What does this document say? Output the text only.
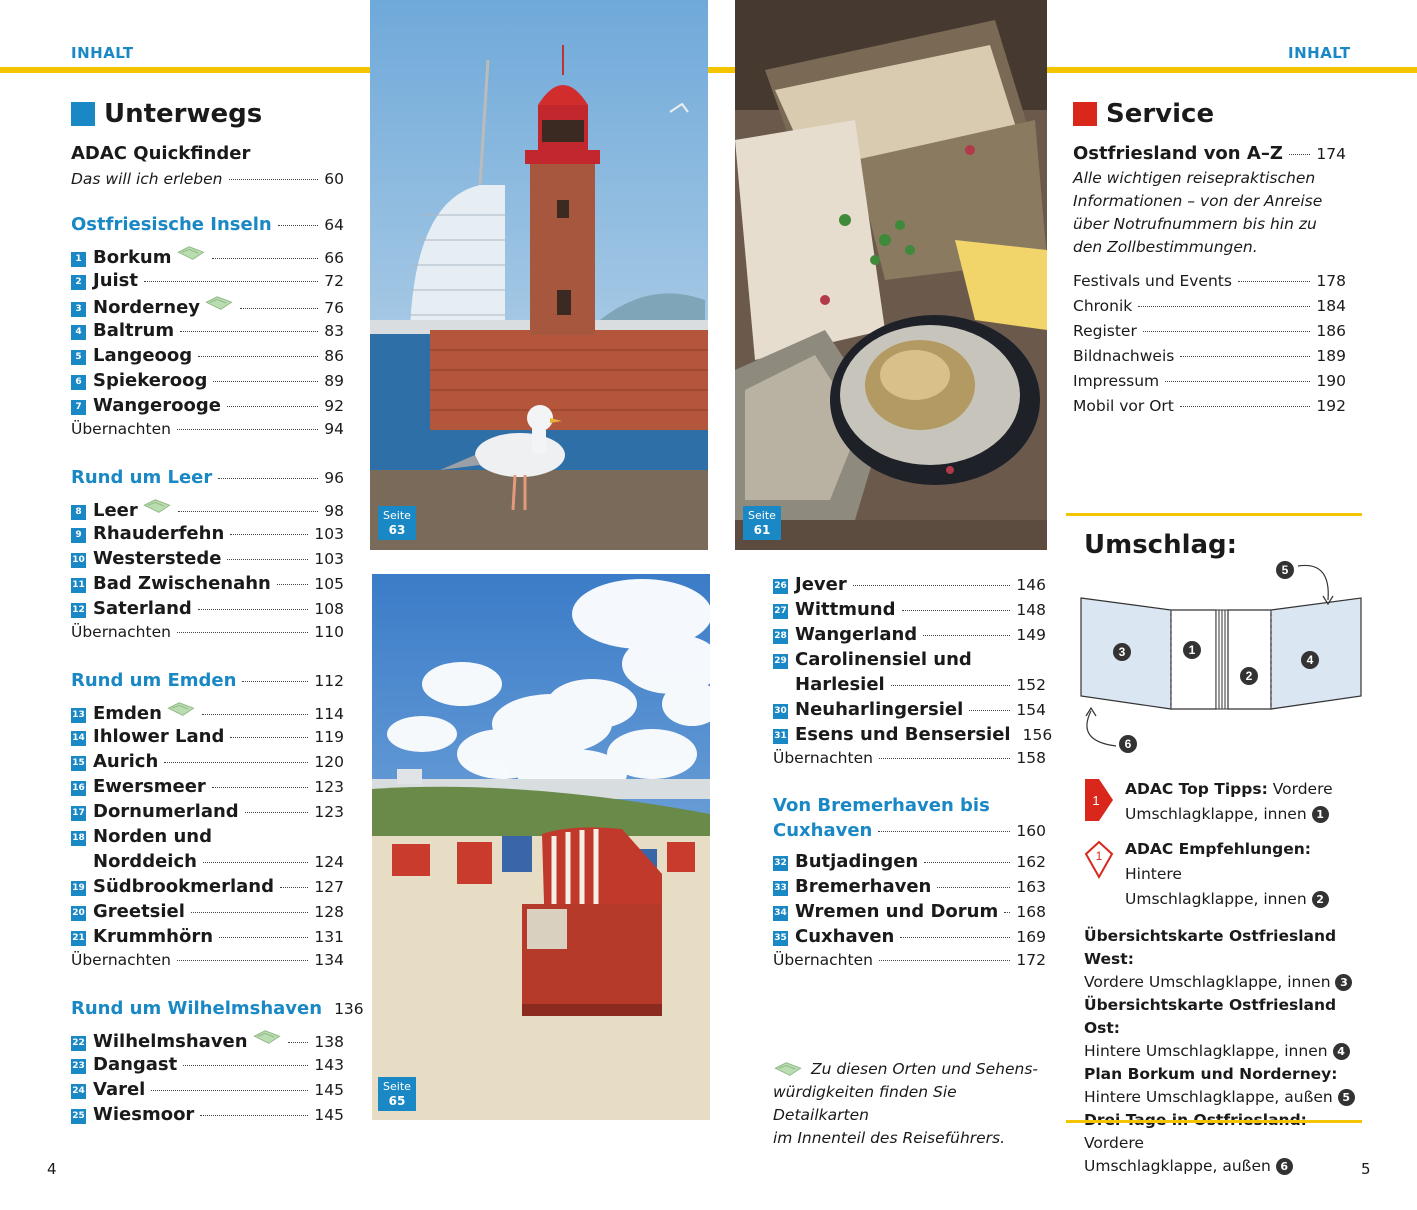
INHALT	INHALT
Unterwegs
ADAC Quickfinder
Das will ich erleben	60
Ostfriesische Inseln	64
1 Borkum	66
2 Juist	72
3 Norderney	76
4 Baltrum	83
5 Langeoog	86
6 Spiekeroog	89
7 Wangerooge	92
Übernachten	94
Rund um Leer	96
8 Leer	98
9 Rhauderfehn	103
10 Westerstede	103
11 Bad Zwischenahn	105
12 Saterland	108
Übernachten	110
Rund um Emden	112
13 Emden	114
14 Ihlower Land	119
15 Aurich	120
16 Ewersmeer	123
17 Dornumerland	123
18 Norden und
Norddeich	124
19 Südbrookmerland	127
20 Greetsiel	128
21 Krummhörn	131
Übernachten	134
Rund um Wilhelmshaven 136
22 Wilhelmshaven	138
23 Dangast	143
24 Varel	145
25 Wiesmoor	145
Seite
63
Seite
61
Seite
65
26 Jever	146
27 Wittmund	148
28 Wangerland	149
29 Carolinensiel und
Harlesiel	152
30 Neuharlingersiel	154
31 Esens und Bensersiel 156
Übernachten	158
Von Bremerhaven bis
Cuxhaven	160
32 Butjadingen	162
33 Bremerhaven	163
34 Wremen und Dorum 168
35 Cuxhaven	169
Übernachten	172
Zu diesen Orten und Sehens-
würdigkeiten finden Sie Detailkarten
im Innenteil des Reiseführers.
Service
Ostfriesland von A–Z 174
Alle wichtigen reisepraktischen
Informationen – von der Anreise
über Notrufnummern bis hin zu
den Zollbestimmungen.
Festivals und Events	178
Chronik	184
Register	186
Bildnachweis	189
Impressum	190
Mobil vor Ort	192
Umschlag:
1
2
3
4
5
6
1
ADAC Top Tipps: Vordere
Umschlagklappe, innen 1
1 ADAC Empfehlungen: Hintere
Umschlagklappe, innen 2
Übersichtskarte Ostfriesland West:
Vordere Umschlagklappe, innen 3
Übersichtskarte Ostfriesland Ost:
Hintere Umschlagklappe, innen 4
Plan Borkum und Norderney:
Hintere Umschlagklappe, außen 5
Vordere
Umschlagklappe, außen 6
4	5
